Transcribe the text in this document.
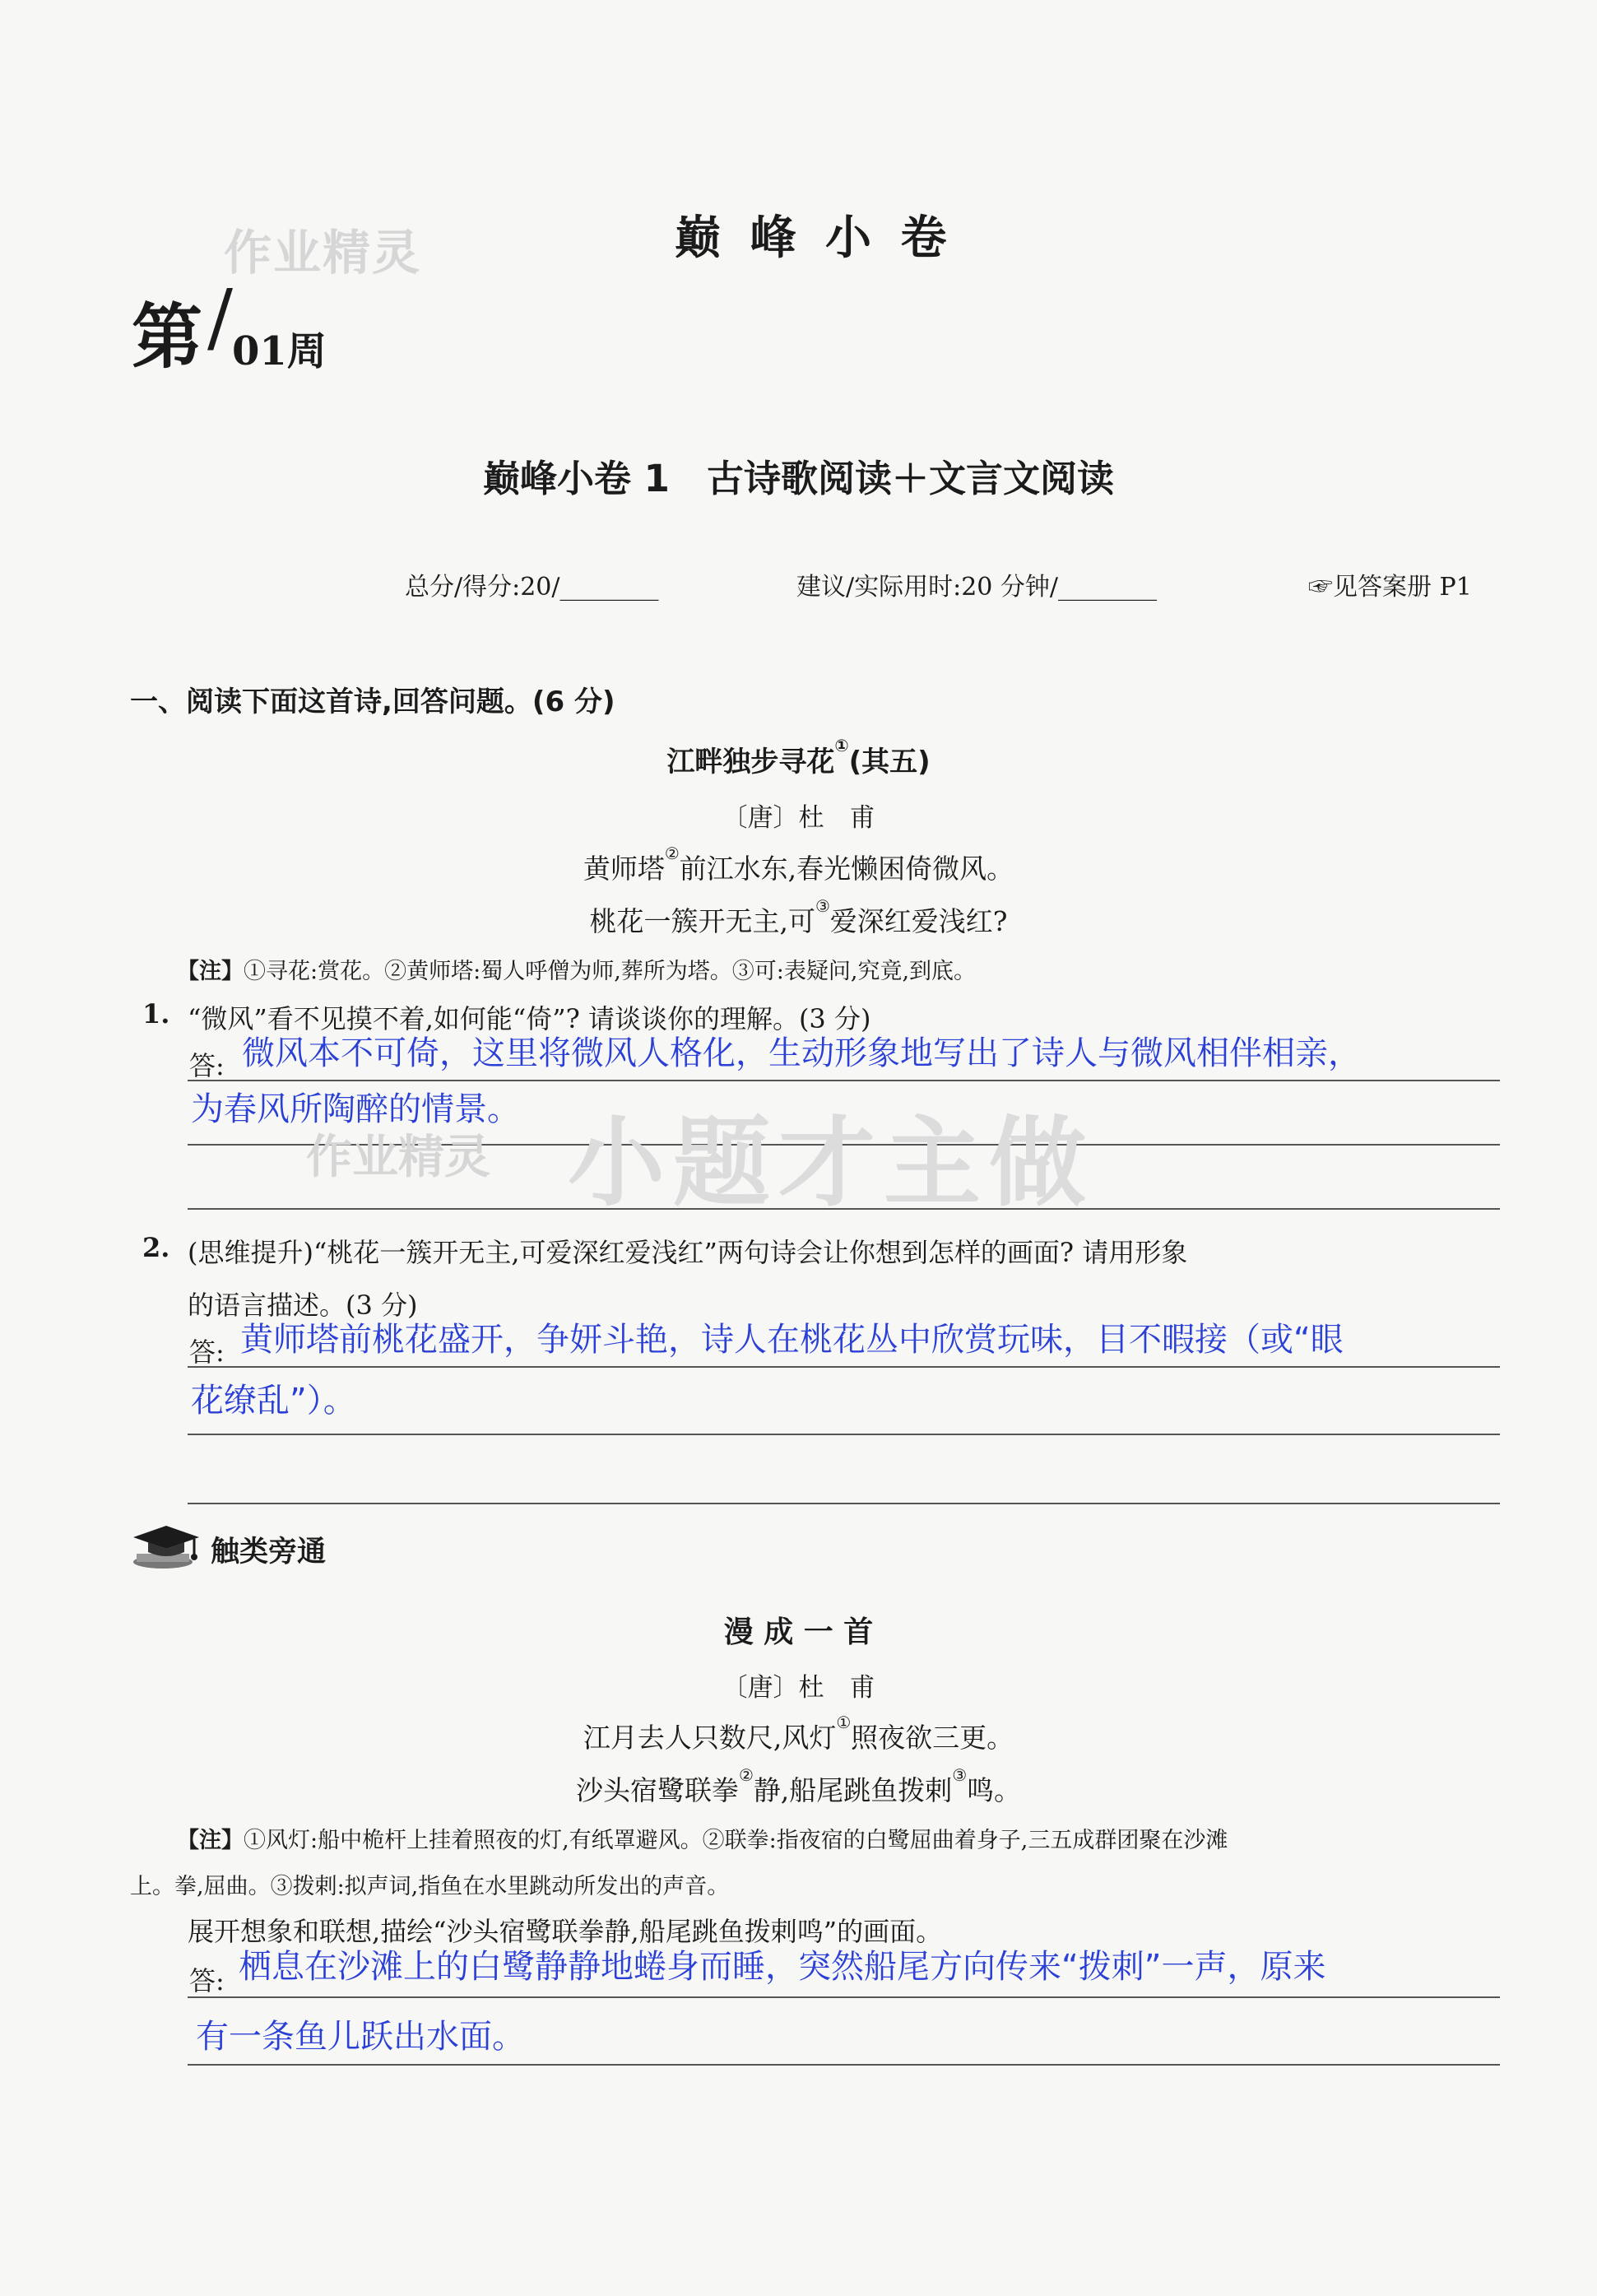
作业精灵	巅 峰 小 卷
第 / 01周
巅峰小卷 1　古诗歌阅读＋文言文阅读
总分/得分:20/________	建议/实际用时:20 分钟/________	☞见答案册 P1
一、阅读下面这首诗,回答问题。(6 分)
江畔独步寻花①(其五)
〔唐〕杜　甫
黄师塔②前江水东,春光懒困倚微风。
桃花一簇开无主,可③爱深红爱浅红?
【注】①寻花:赏花。②黄师塔:蜀人呼僧为师,葬所为塔。③可:表疑问,究竟,到底。
1. “微风”看不见摸不着,如何能“倚”? 请谈谈你的理解。(3 分)
答: 微风本不可倚，这里将微风人格化，生动形象地写出了诗人与微风相伴相亲，
为春风所陶醉的情景。
作业精灵 小题才主做
2. (思维提升)“桃花一簇开无主,可爱深红爱浅红”两句诗会让你想到怎样的画面? 请用形象
的语言描述。(3 分)
答: 黄师塔前桃花盛开，争妍斗艳，诗人在桃花丛中欣赏玩味，目不暇接（或“眼
花缭乱”）。
触类旁通
漫 成 一 首
〔唐〕杜　甫
江月去人只数尺,风灯①照夜欲三更。
沙头宿鹭联拳②静,船尾跳鱼拨剌③鸣。
【注】①风灯:船中桅杆上挂着照夜的灯,有纸罩避风。②联拳:指夜宿的白鹭屈曲着身子,三五成群团聚在沙滩
上。拳,屈曲。③拨剌:拟声词,指鱼在水里跳动所发出的声音。
展开想象和联想,描绘“沙头宿鹭联拳静,船尾跳鱼拨剌鸣”的画面。
答: 栖息在沙滩上的白鹭静静地蜷身而睡，突然船尾方向传来“拨刺”一声，原来
有一条鱼儿跃出水面。
